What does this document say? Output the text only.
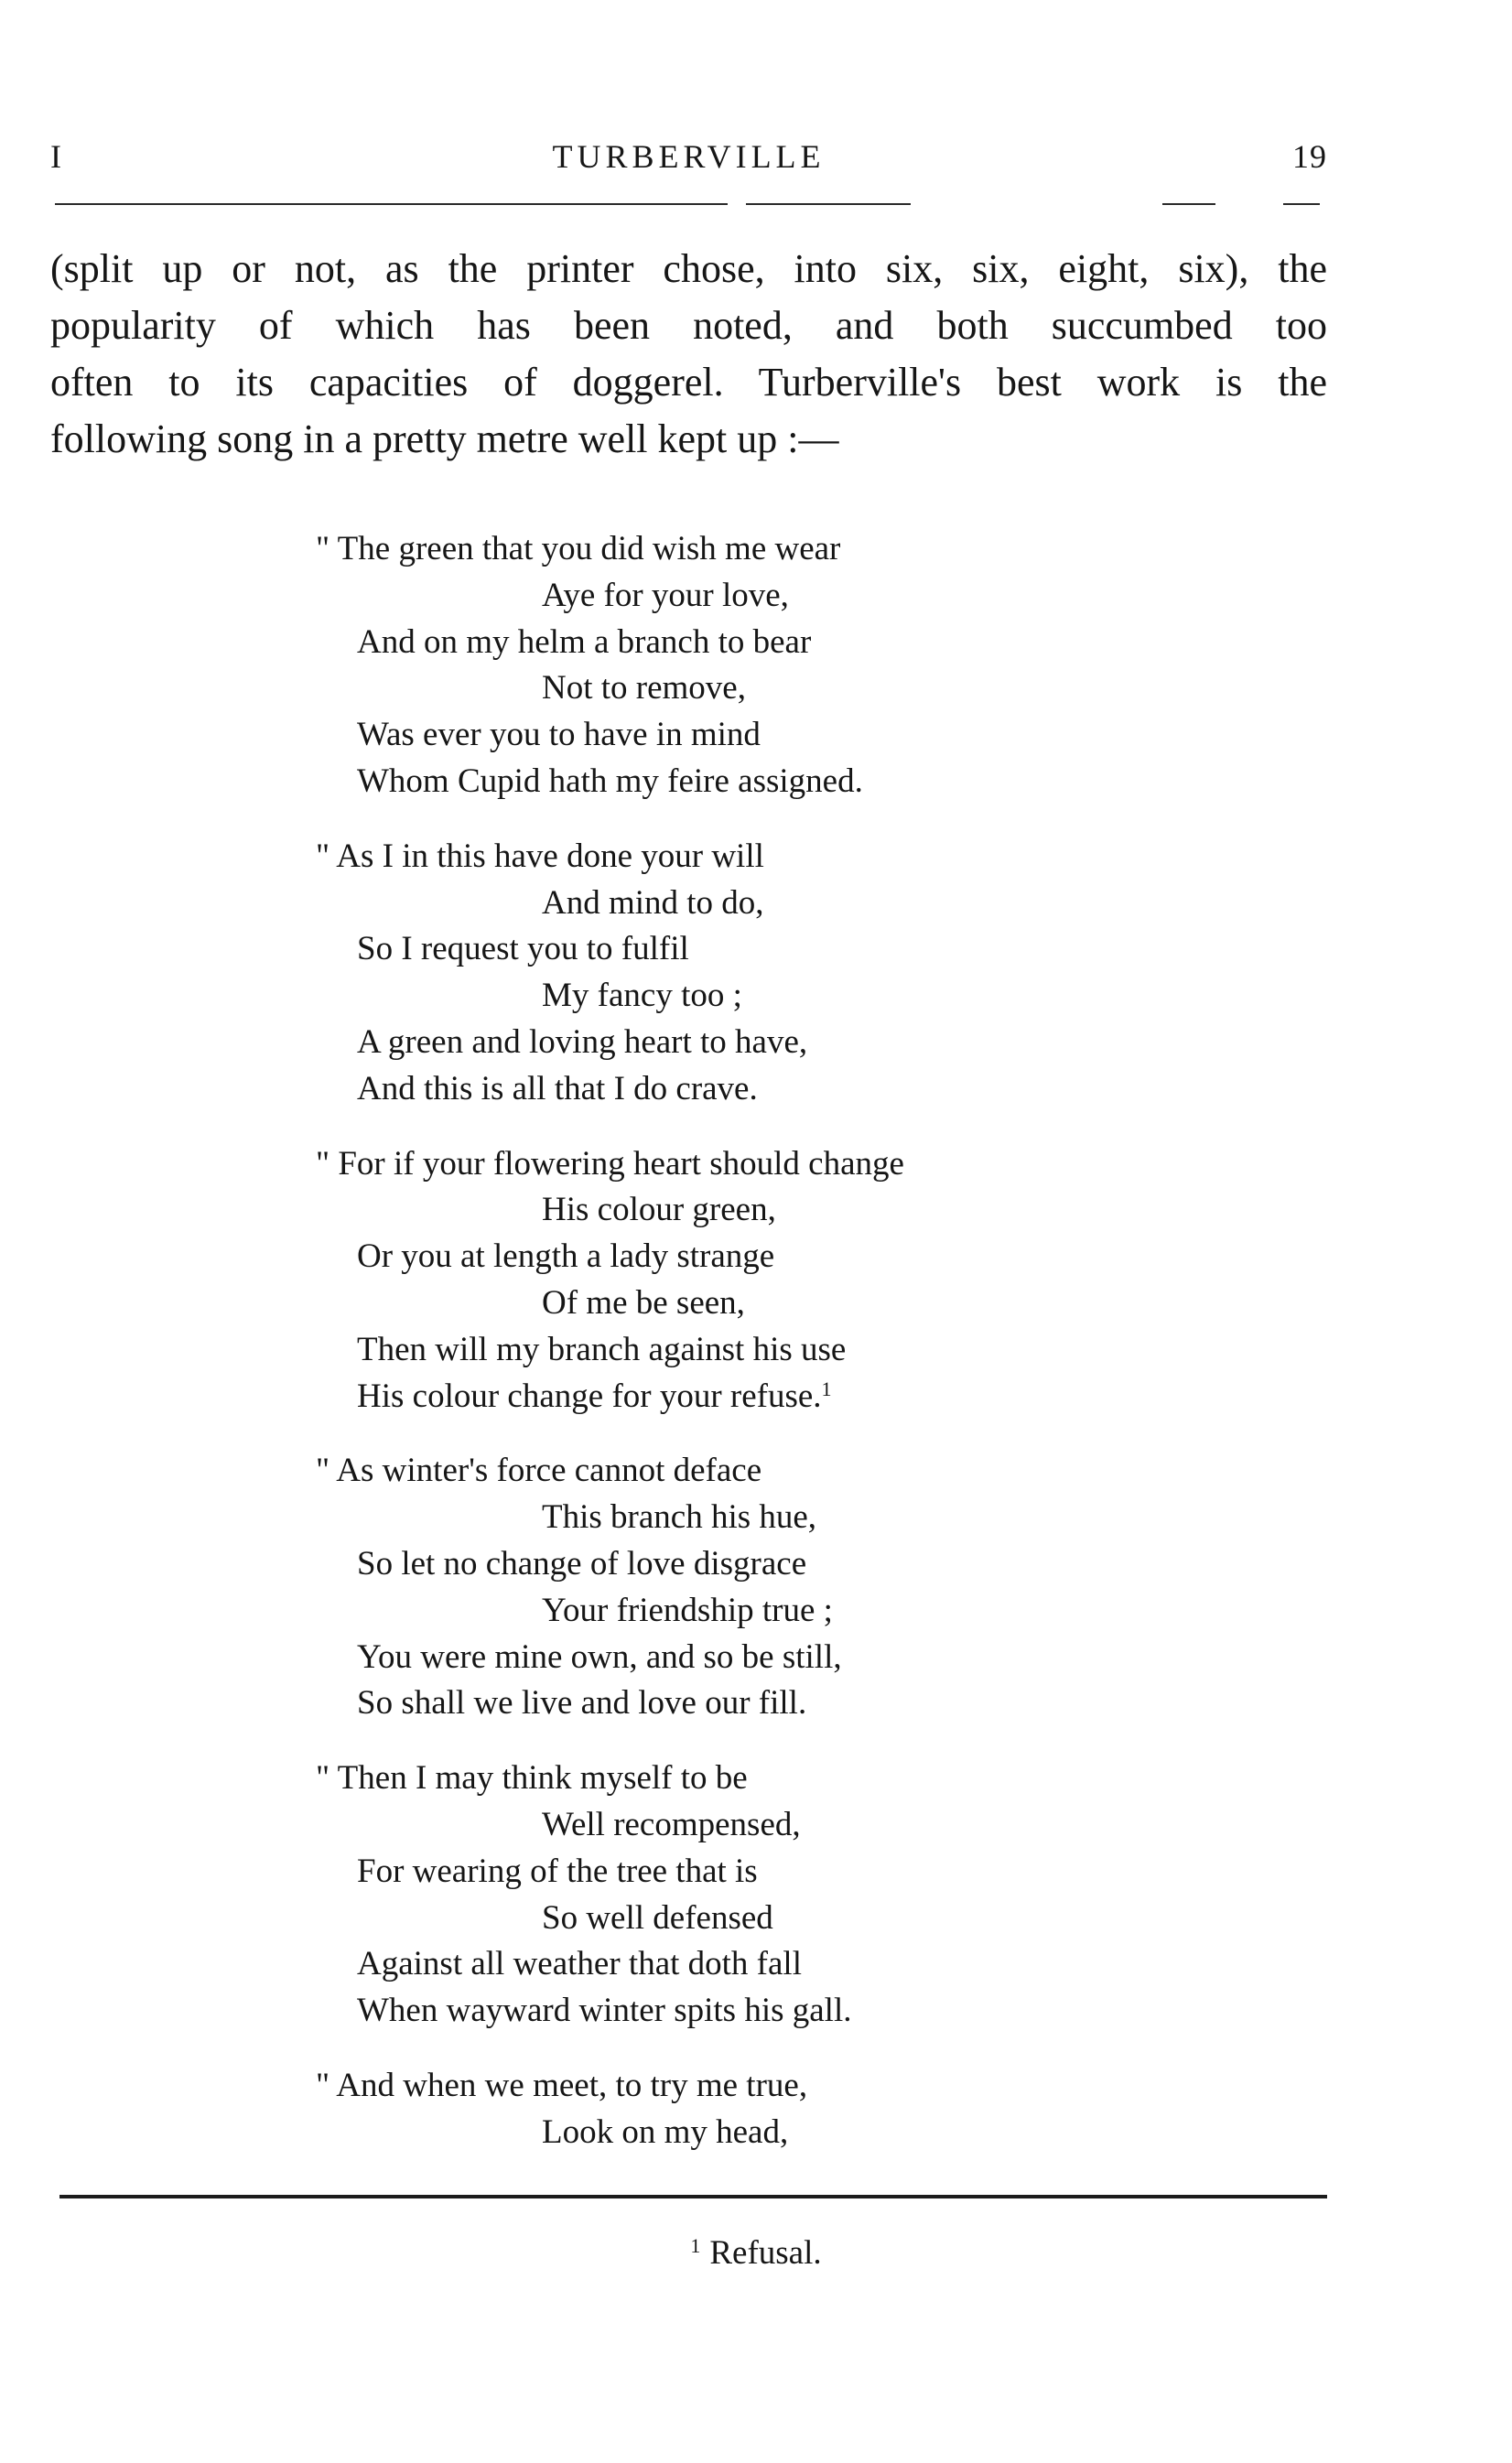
I	TURBERVILLE	19
(split up or not, as the printer chose, into six, six, eight, six), the
popularity of which has been noted, and both succumbed too
often to its capacities of doggerel. Turberville's best work is the
following song in a pretty metre well kept up :—
" The green that you did wish me wear
Aye for your love,
And on my helm a branch to bear
Not to remove,
Was ever you to have in mind
Whom Cupid hath my feire assigned.
" As I in this have done your will
And mind to do,
So I request you to fulfil
My fancy too ;
A green and loving heart to have,
And this is all that I do crave.
" For if your flowering heart should change
His colour green,
Or you at length a lady strange
Of me be seen,
Then will my branch against his use
His colour change for your refuse.$^1$
" As winter's force cannot deface
This branch his hue,
So let no change of love disgrace
Your friendship true ;
You were mine own, and so be still,
So shall we live and love our fill.
" Then I may think myself to be
Well recompensed,
For wearing of the tree that is
So well defensed
Against all weather that doth fall
When wayward winter spits his gall.
" And when we meet, to try me true,
Look on my head,
$^1$ Refusal.
